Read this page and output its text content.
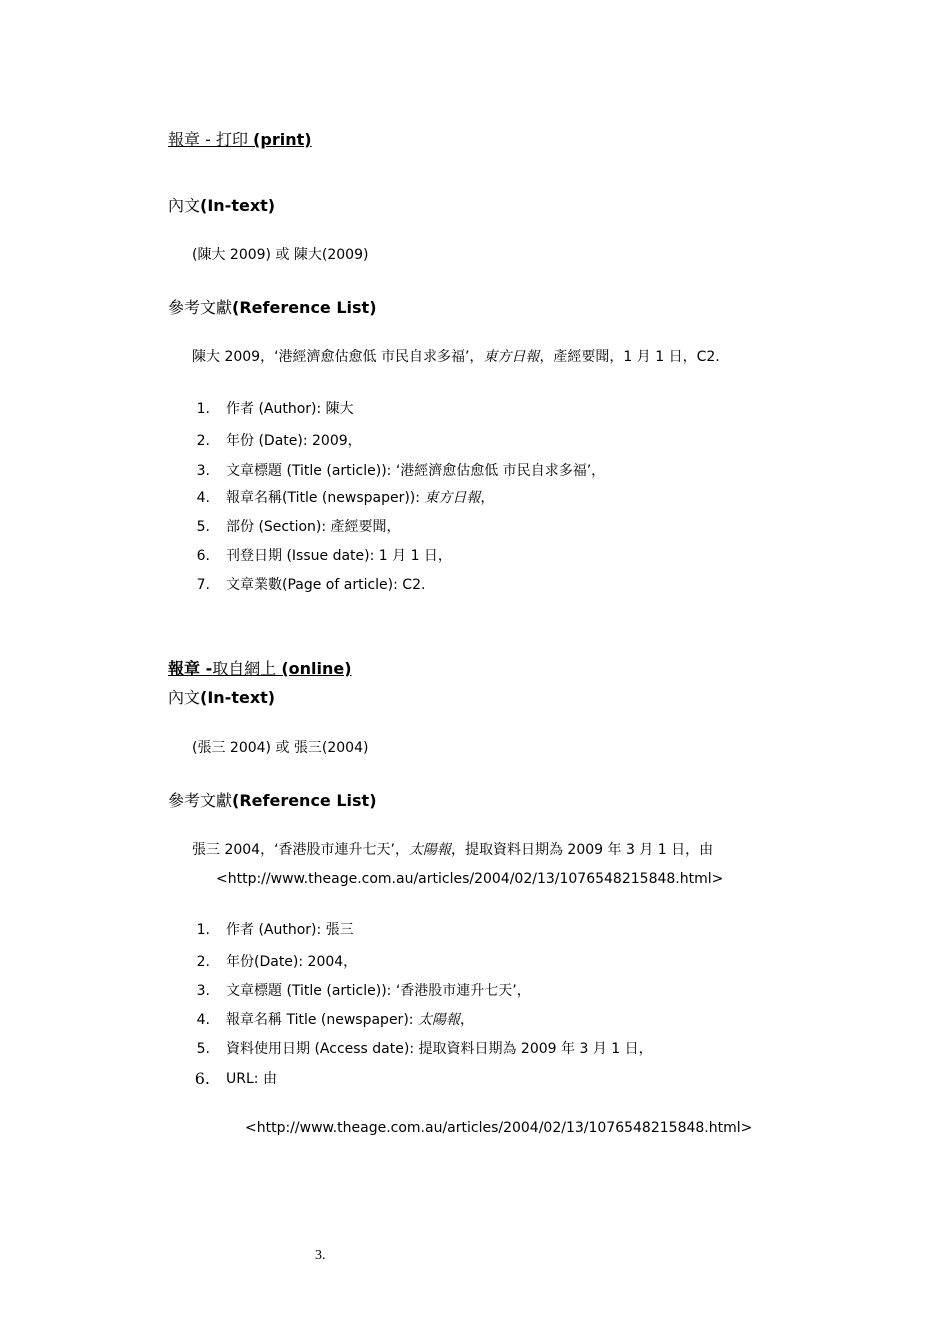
報章 - 打印 (print)
內文(In-text)
(陳大 2009) 或 陳大(2009)
參考文獻(Reference List)
陳大 2009，‘港經濟愈估愈低 市民自求多福’，東方日報，產經要聞，1 月 1 日，C2.
1. 作者 (Author): 陳大
2. 年份 (Date): 2009，
3. 文章標題 (Title (article)): ‘港經濟愈估愈低 市民自求多福’，
4. 報章名稱(Title (newspaper)): 東方日報，
5. 部份 (Section): 產經要聞，
6. 刊登日期 (Issue date): 1 月 1 日，
7. 文章業數(Page of article): C2.
報章 -取自網上 (online)
內文(In-text)
(張三 2004) 或 張三(2004)
參考文獻(Reference List)
張三 2004，‘香港股市連升七天’，太陽報，提取資料日期為 2009 年 3 月 1 日，由
<http://www.theage.com.au/articles/2004/02/13/1076548215848.html>
1. 作者 (Author): 張三
2. 年份(Date): 2004，
3. 文章標題 (Title (article)): ‘香港股市連升七天’，
4. 報章名稱 Title (newspaper): 太陽報，
5. 資料使用日期 (Access date): 提取資料日期為 2009 年 3 月 1 日，
6. URL: 由
<http://www.theage.com.au/articles/2004/02/13/1076548215848.html>
3.
